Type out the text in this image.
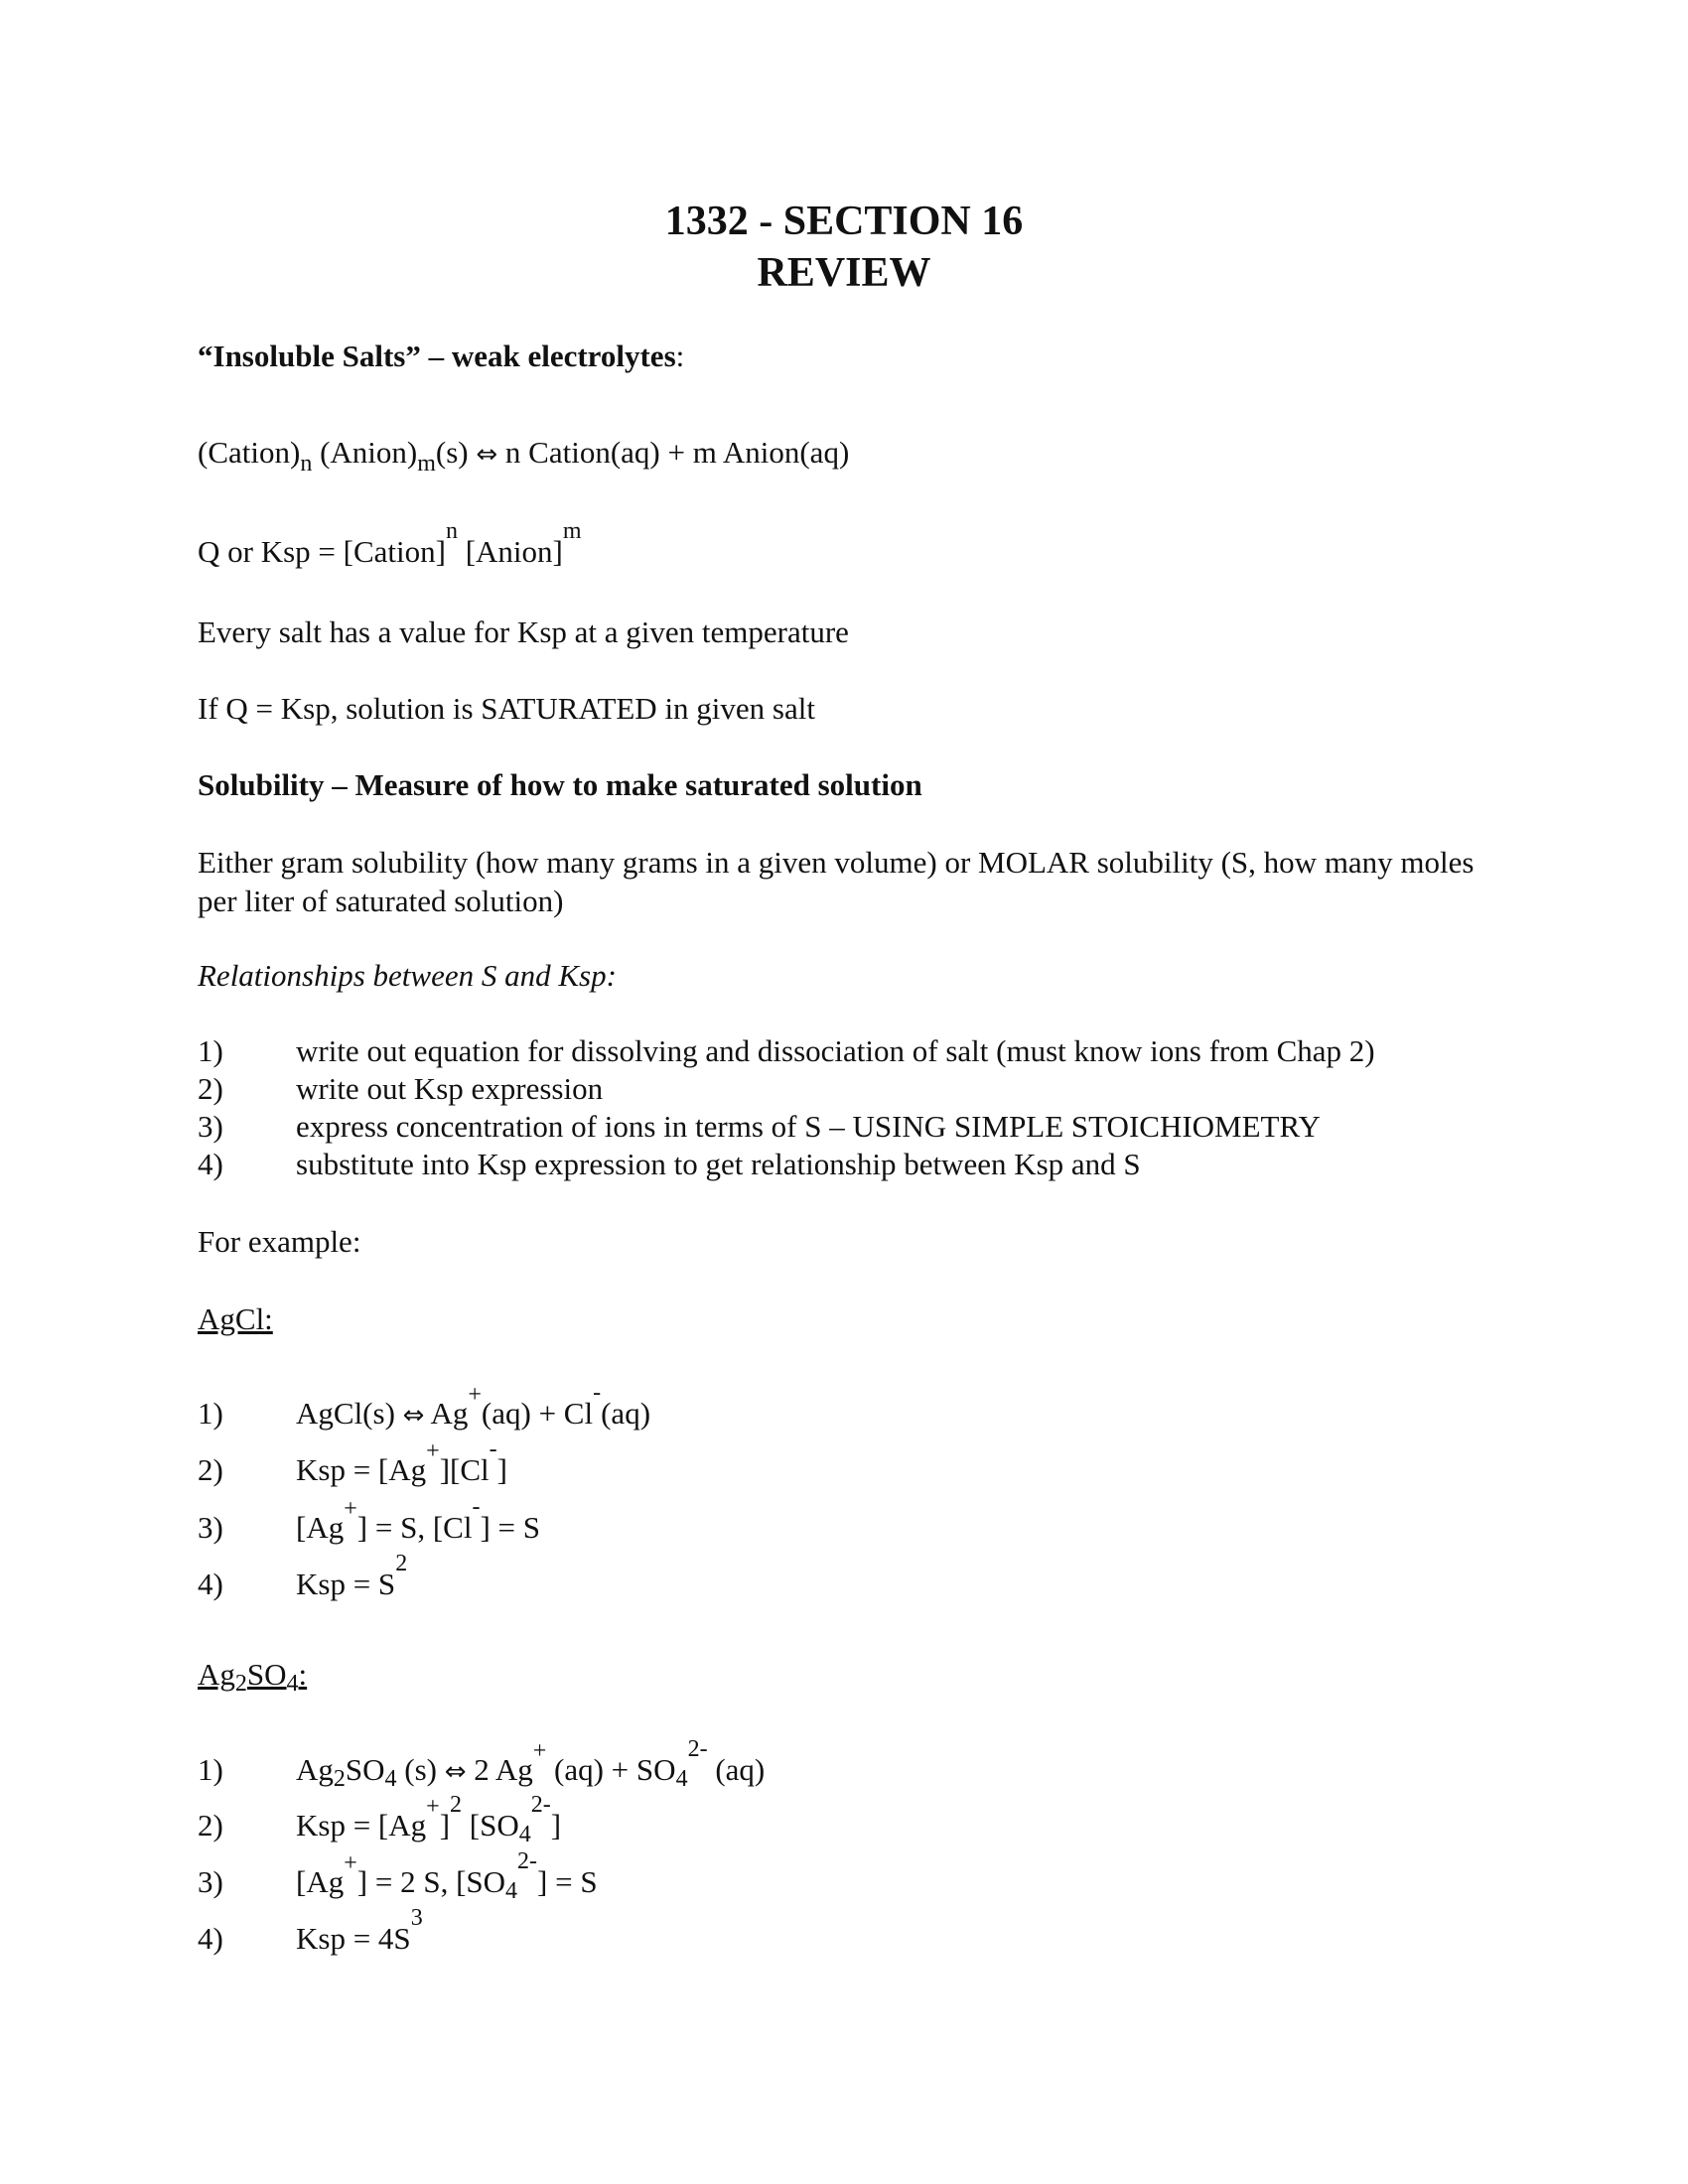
1332 - SECTION 16
REVIEW
“Insoluble Salts” – weak electrolytes:
$(Cation)_n$ $(Anion)_m(s)$ ⇔ n Cation(aq) + m Anion(aq)
Q or Ksp = [Cation]$^n$ [Anion]$^m$
Every salt has a value for Ksp at a given temperature
If Q = Ksp, solution is SATURATED in given salt
Solubility – Measure of how to make saturated solution
Either gram solubility (how many grams in a given volume) or MOLAR solubility (S, how many moles per liter of saturated solution)
Relationships between S and Ksp:
1) write out equation for dissolving and dissociation of salt (must know ions from Chap 2)
2) write out Ksp expression
3) express concentration of ions in terms of S – USING SIMPLE STOICHIOMETRY
4) substitute into Ksp expression to get relationship between Ksp and S
For example:
AgCl:
1) AgCl(s) ⇔ Ag+(aq) + Cl-(aq)
2) Ksp = [Ag+][Cl-]
3) [Ag+] = S, [Cl-] = S
4) Ksp = $S^2$
Ag2SO4:
1) Ag2SO4 (s) ⇔ 2 Ag+ $(aq) + SO4^{2-}$ (aq)
2) Ksp = $[Ag^+]^2$ $[SO4^{2-}]$
3) [Ag+] = 2 S, $[SO4^{2-}] = S$
4) Ksp = $4S^3$
